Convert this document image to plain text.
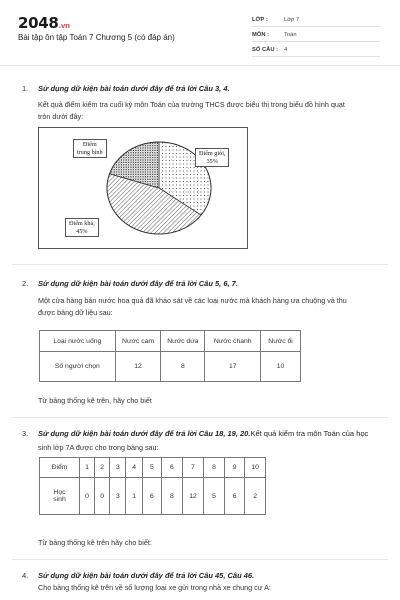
2048.vn
Bài tập ôn tập Toán 7 Chương 5 (có đáp án)
LỚP :	Lớp 7
MÔN :	Toán
SỐ CÂU : 4
1. Sử dụng dữ kiện bài toán dưới đây để trả lời Câu 3, 4.
Kết quả điểm kiểm tra cuối kỳ môn Toán của trường THCS được biểu thị trong biểu đồ hình quạt
tròn dưới đây:
Điểm
trung bình	Điểm giỏi,
35%
Điểm khá,
45%
2. Sử dụng dữ kiện bài toán dưới đây để trả lời Câu 5, 6, 7.
Một cửa hàng bán nước hoa quả đã khảo sát về các loại nước mà khách hàng ưa chuộng và thu
được bảng dữ liệu sau:
Loại nước uống	Nước cam	Nước dứa	Nước chanh	Nước ổi
Số người chọn	12	8	17	10
Từ bảng thống kê trên, hãy cho biết
3. Sử dụng dữ kiện bài toán dưới đây để trả lời Câu 18, 19, 20.Kết quả kiểm tra môn Toán của học
sinh lớp 7A được cho trong bảng sau:
Điểm	1	2	3	4	5	6	7	8	9	10

Học
sinh	0	0	3	1	6	8	12	5	6	2
Từ bảng thống kê trên hãy cho biết:
4. Sử dụng dữ kiện bài toán dưới đây để trả lời Câu 45, Câu 46.
Cho bảng thống kê trên về số lượng loại xe gửi trong nhà xe chung cư A:
